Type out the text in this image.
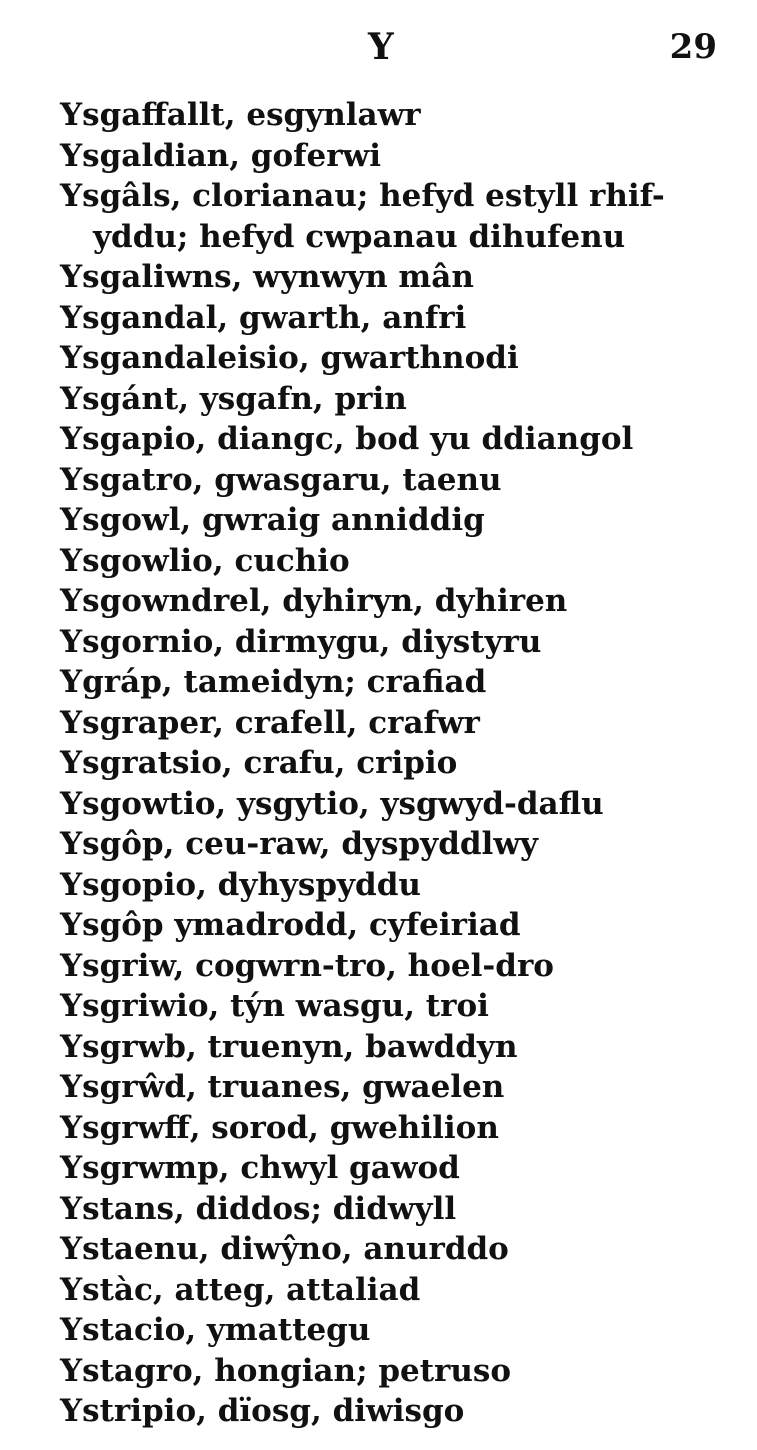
Y	29
Ysgaffallt, esgynlawr
Ysgaldian, goferwi
Ysgâls, clorianau; hefyd estyll rhif-
yddu; hefyd cwpanau dihufenu
Ysgaliwns, wynwyn mân
Ysgandal, gwarth, anfri
Ysgandaleisio, gwarthnodi
Ysgánt, ysgafn, prin
Ysgapio, diangc, bod yu ddiangol
Ysgatro, gwasgaru, taenu
Ysgowl, gwraig anniddig
Ysgowlio, cuchio
Ysgowndrel, dyhiryn, dyhiren
Ysgornio, dirmygu, diystyru
Ygráp, tameidyn; crafiad
Ysgraper, crafell, crafwr
Ysgratsio, crafu, cripio
Ysgowtio, ysgytio, ysgwyd-daflu
Ysgôp, ceu-raw, dyspyddlwy
Ysgopio, dyhyspyddu
Ysgôp ymadrodd, cyfeiriad
Ysgriw, cogwrn-tro, hoel-dro
Ysgriwio, týn wasgu, troi
Ysgrwb, truenyn, bawddyn
Ysgrŵd, truanes, gwaelen
Ysgrwff, sorod, gwehilion
Ysgrwmp, chwyl gawod
Ystans, diddos; didwyll
Ystaenu, diwŷno, anurddo
Ystàc, atteg, attaliad
Ystacio, ymattegu
Ystagro, hongian; petruso
Ystripio, dïosg, diwisgo
